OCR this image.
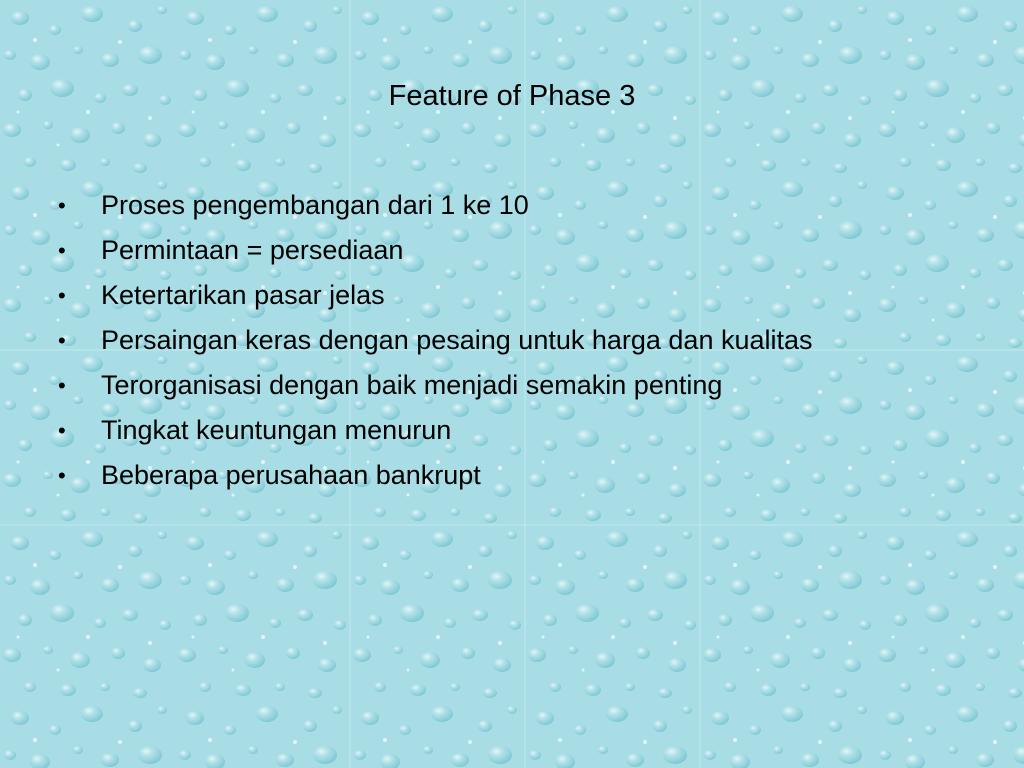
Feature of Phase 3
• Proses pengembangan dari 1 ke 10
• Permintaan = persediaan
• Ketertarikan pasar jelas
• Persaingan keras dengan pesaing untuk harga dan kualitas
• Terorganisasi dengan baik menjadi semakin penting
• Tingkat keuntungan menurun
• Beberapa perusahaan bankrupt
